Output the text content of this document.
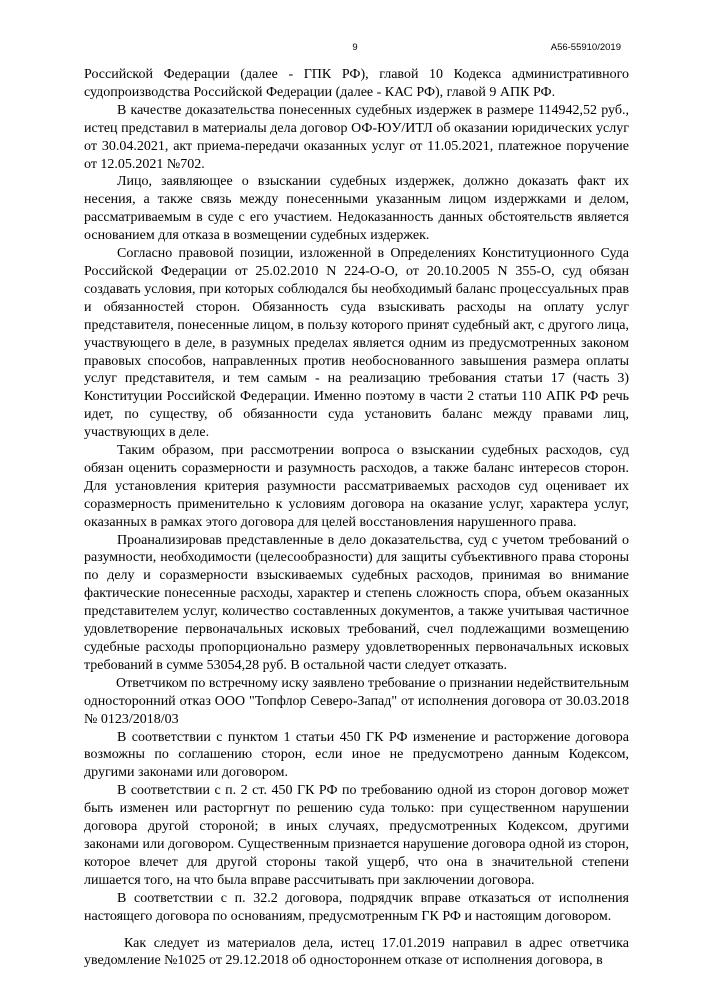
9	А56-55910/2019

Российской Федерации (далее - ГПК РФ), главой 10 Кодекса административного судопроизводства Российской Федерации (далее - КАС РФ), главой 9 АПК РФ.

В качестве доказательства понесенных судебных издержек в размере 114942,52 руб., истец представил в материалы дела договор ОФ-ЮУ/ИТЛ об оказании юридических услуг от 30.04.2021, акт приема-передачи оказанных услуг от 11.05.2021, платежное поручение от 12.05.2021 №702.

Лицо, заявляющее о взыскании судебных издержек, должно доказать факт их несения, а также связь между понесенными указанным лицом издержками и делом, рассматриваемым в суде с его участием. Недоказанность данных обстоятельств является основанием для отказа в возмещении судебных издержек.

Согласно правовой позиции, изложенной в Определениях Конституционного Суда Российской Федерации от 25.02.2010 N 224-О-О, от 20.10.2005 N 355-О, суд обязан создавать условия, при которых соблюдался бы необходимый баланс процессуальных прав и обязанностей сторон. Обязанность суда взыскивать расходы на оплату услуг представителя, понесенные лицом, в пользу которого принят судебный акт, с другого лица, участвующего в деле, в разумных пределах является одним из предусмотренных законом правовых способов, направленных против необоснованного завышения размера оплаты услуг представителя, и тем самым - на реализацию требования статьи 17 (часть 3) Конституции Российской Федерации. Именно поэтому в части 2 статьи 110 АПК РФ речь идет, по существу, об обязанности суда установить баланс между правами лиц, участвующих в деле.

Таким образом, при рассмотрении вопроса о взыскании судебных расходов, суд обязан оценить соразмерности и разумность расходов, а также баланс интересов сторон. Для установления критерия разумности рассматриваемых расходов суд оценивает их соразмерность применительно к условиям договора на оказание услуг, характера услуг, оказанных в рамках этого договора для целей восстановления нарушенного права.

Проанализировав представленные в дело доказательства, суд с учетом требований о разумности, необходимости (целесообразности) для защиты субъективного права стороны по делу и соразмерности взыскиваемых судебных расходов, принимая во внимание фактические понесенные расходы, характер и степень сложность спора, объем оказанных представителем услуг, количество составленных документов, а также учитывая частичное удовлетворение первоначальных исковых требований, счел подлежащими возмещению судебные расходы пропорционально размеру удовлетворенных первоначальных исковых требований в сумме 53054,28 руб. В остальной части следует отказать.

Ответчиком по встречному иску заявлено требование о признании недействительным односторонний отказ ООО "Топфлор Северо-Запад" от исполнения договора от 30.03.2018 № 0123/2018/03

В соответствии с пунктом 1 статьи 450 ГК РФ изменение и расторжение договора возможны по соглашению сторон, если иное не предусмотрено данным Кодексом, другими законами или договором.

В соответствии с п. 2 ст. 450 ГК РФ по требованию одной из сторон договор может быть изменен или расторгнут по решению суда только: при существенном нарушении договора другой стороной; в иных случаях, предусмотренных Кодексом, другими законами или договором. Существенным признается нарушение договора одной из сторон, которое влечет для другой стороны такой ущерб, что она в значительной степени лишается того, на что была вправе рассчитывать при заключении договора.

В соответствии с п. 32.2 договора, подрядчик вправе отказаться от исполнения настоящего договора по основаниям, предусмотренным ГК РФ и настоящим договором.

Как следует из материалов дела, истец 17.01.2019 направил в адрес ответчика уведомление №1025 от 29.12.2018 об одностороннем отказе от исполнения договора, в
